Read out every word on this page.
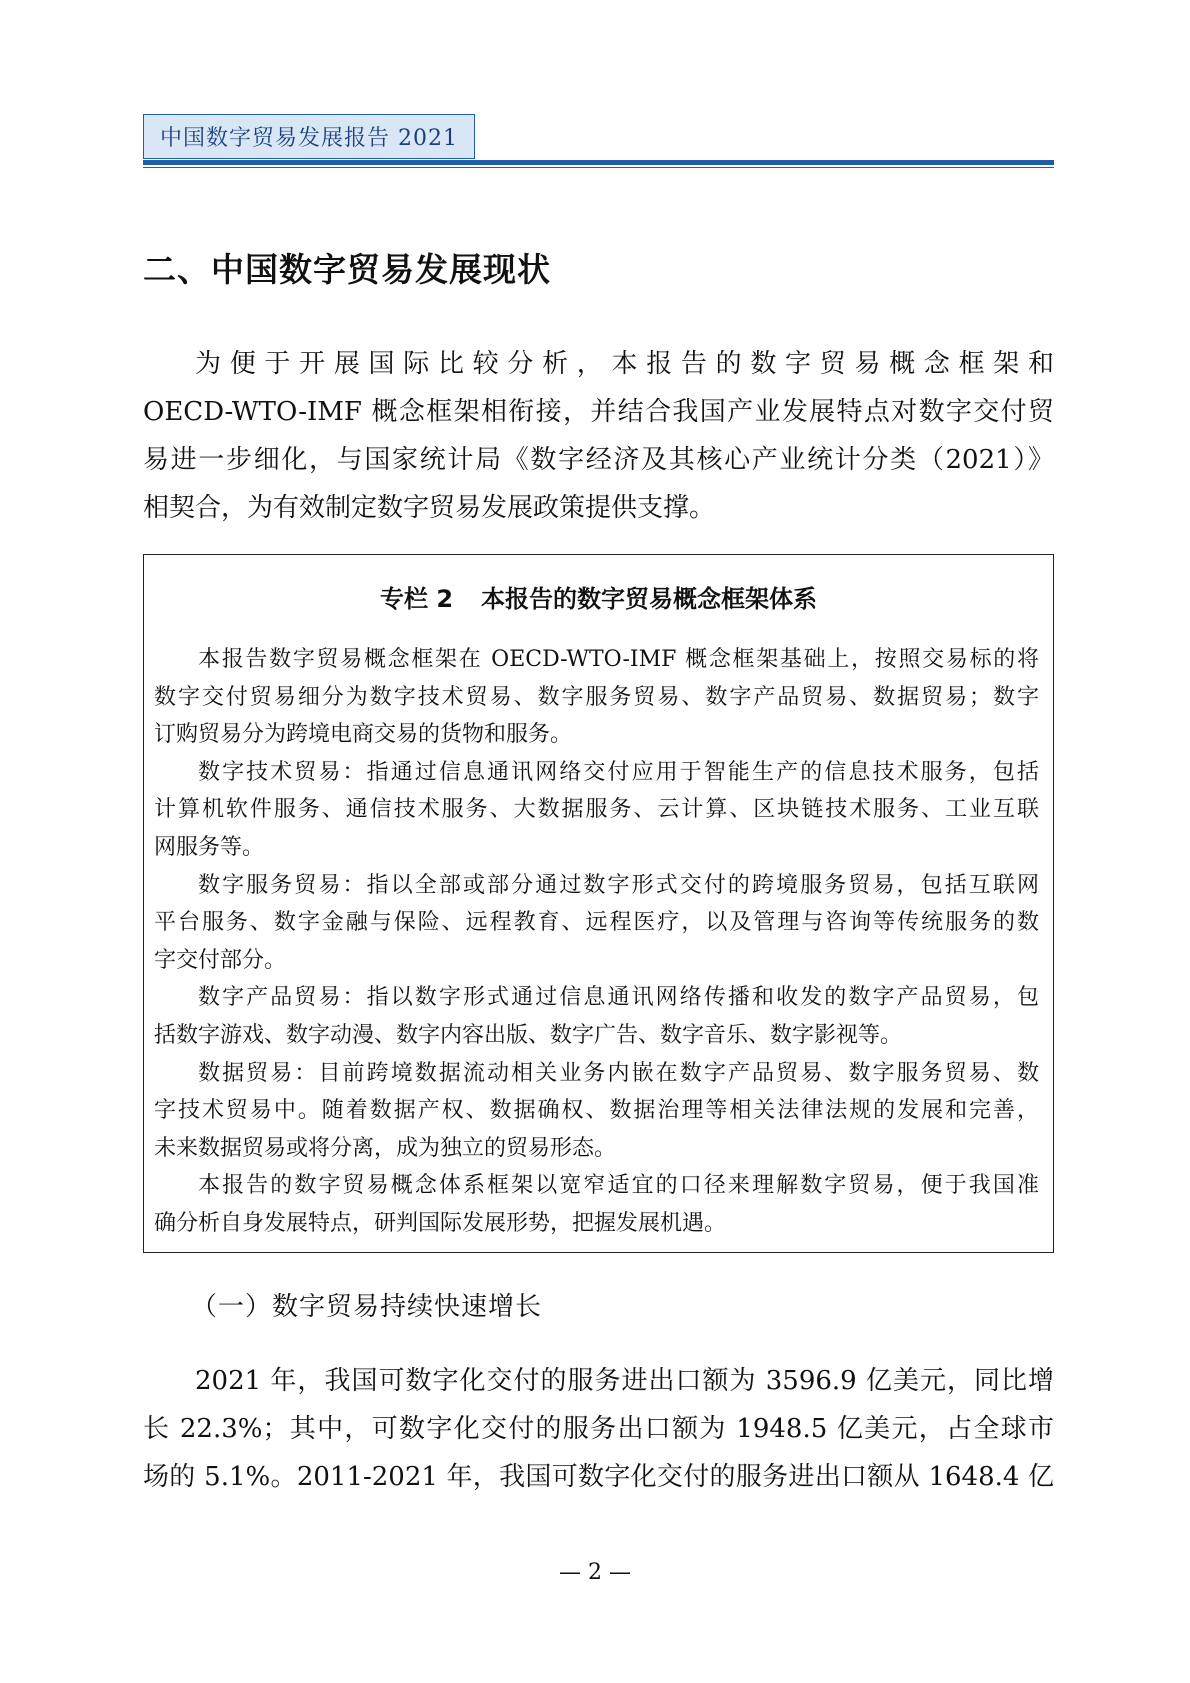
中国数字贸易发展报告 2021
二、中国数字贸易发展现状
为便于开展国际比较分析，本报告的数字贸易概念框架和
OECD-WTO-IMF 概念框架相衔接，并结合我国产业发展特点对数字交付贸
易进一步细化，与国家统计局《数字经济及其核心产业统计分类（2021）》
相契合，为有效制定数字贸易发展政策提供支撑。
专栏 2 本报告的数字贸易概念框架体系
本报告数字贸易概念框架在 OECD-WTO-IMF 概念框架基础上，按照交易标的将
数字交付贸易细分为数字技术贸易、数字服务贸易、数字产品贸易、数据贸易；数字
订购贸易分为跨境电商交易的货物和服务。
数字技术贸易：指通过信息通讯网络交付应用于智能生产的信息技术服务，包括
计算机软件服务、通信技术服务、大数据服务、云计算、区块链技术服务、工业互联
网服务等。
数字服务贸易：指以全部或部分通过数字形式交付的跨境服务贸易，包括互联网
平台服务、数字金融与保险、远程教育、远程医疗，以及管理与咨询等传统服务的数
字交付部分。
数字产品贸易：指以数字形式通过信息通讯网络传播和收发的数字产品贸易，包
括数字游戏、数字动漫、数字内容出版、数字广告、数字音乐、数字影视等。
数据贸易：目前跨境数据流动相关业务内嵌在数字产品贸易、数字服务贸易、数
字技术贸易中。随着数据产权、数据确权、数据治理等相关法律法规的发展和完善，
未来数据贸易或将分离，成为独立的贸易形态。
本报告的数字贸易概念体系框架以宽窄适宜的口径来理解数字贸易，便于我国准
确分析自身发展特点，研判国际发展形势，把握发展机遇。
（一）数字贸易持续快速增长
2021 年，我国可数字化交付的服务进出口额为 3596.9 亿美元，同比增
长 22.3%；其中，可数字化交付的服务出口额为 1948.5 亿美元，占全球市
场的 5.1%。2011-2021 年，我国可数字化交付的服务进出口额从 1648.4 亿
— 2 —
